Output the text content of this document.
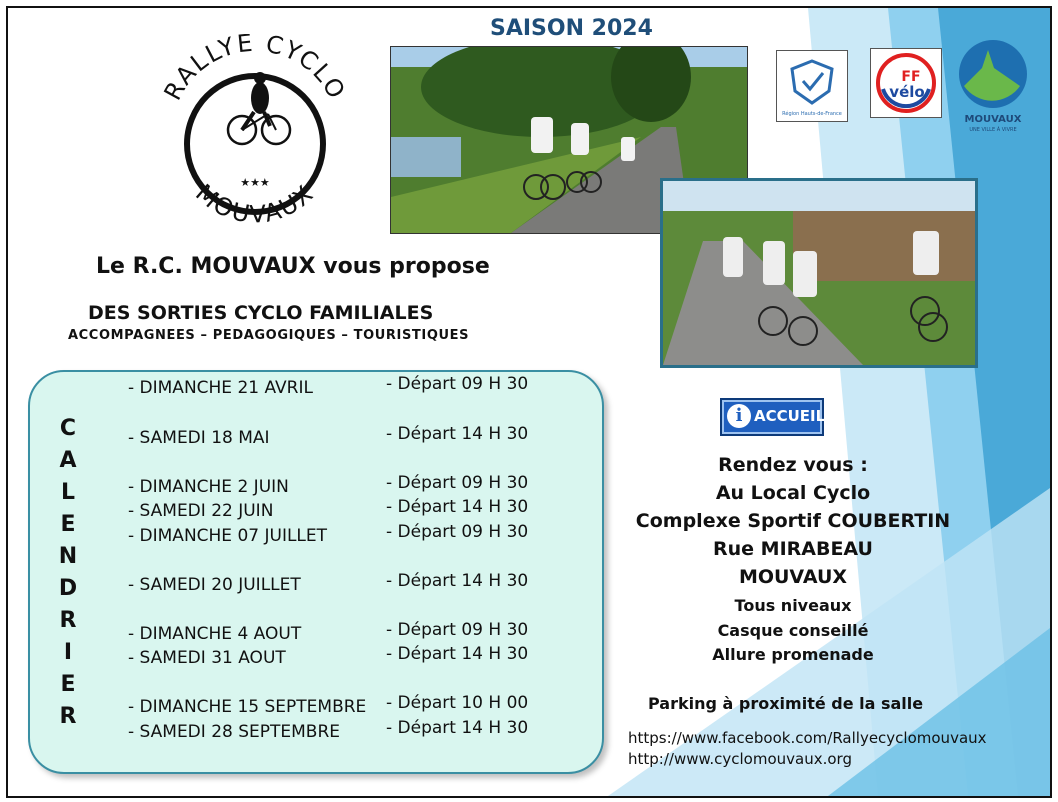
SAISON 2024
★★★
RALLYE CYCLO
MOUVAUX
Région Hauts-de-France
FF
vélo
MOUVAUX
UNE VILLE À VIVRE
Le R.C. MOUVAUX vous propose
DES SORTIES CYCLO FAMILIALES
ACCOMPAGNEES – PEDAGOGIQUES – TOURISTIQUES
C
A
L
E
N
D
R
I
E
R
- DIMANCHE 21 AVRIL	- Départ 09 H 30
- SAMEDI 18 MAI	- Départ 14 H 30
- DIMANCHE 2 JUIN	- Départ 09 H 30
- SAMEDI 22 JUIN	- Départ 14 H 30
- DIMANCHE 07 JUILLET	- Départ 09 H 30
- SAMEDI 20 JUILLET	- Départ 14 H 30
- DIMANCHE 4 AOUT	- Départ 09 H 30
- SAMEDI 31 AOUT	- Départ 14 H 30
- DIMANCHE 15 SEPTEMBRE - Départ 10 H 00
- SAMEDI 28 SEPTEMBRE	- Départ 14 H 30
i ACCUEIL
Rendez vous :
Au Local Cyclo
Complexe Sportif COUBERTIN
Rue MIRABEAU
MOUVAUX
Tous niveaux
Casque conseillé
Allure promenade
Parking à proximité de la salle
https://www.facebook.com/Rallyecyclomouvaux
http://www.cyclomouvaux.org
